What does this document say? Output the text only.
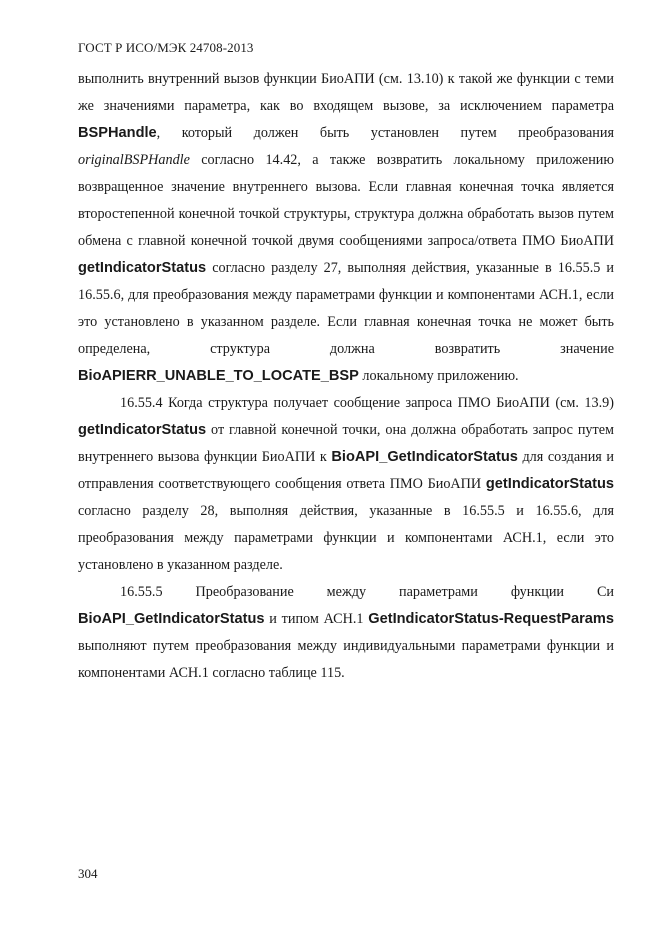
ГОСТ Р ИСО/МЭК 24708-2013

выполнить внутренний вызов функции БиоАПИ (см. 13.10) к такой же функции с теми же значениями параметра, как во входящем вызове, за исключением параметра BSPHandle, который должен быть установлен путем преобразования originalBSPHandle согласно 14.42, а также возвратить локальному приложению возвращенное значение внутреннего вызова. Если главная конечная точка является второстепенной конечной точкой структуры, структура должна обработать вызов путем обмена с главной конечной точкой двумя сообщениями запроса/ответа ПМО БиоАПИ getIndicatorStatus согласно разделу 27, выполняя действия, указанные в 16.55.5 и 16.55.6, для преобразования между параметрами функции и компонентами АСН.1, если это установлено в указанном разделе. Если главная конечная точка не может быть определена, структура должна возвратить значение BioAPIERR_UNABLE_TO_LOCATE_BSP локальному приложению.

16.55.4 Когда структура получает сообщение запроса ПМО БиоАПИ (см. 13.9) getIndicatorStatus от главной конечной точки, она должна обработать запрос путем внутреннего вызова функции БиоАПИ к BioAPI_GetIndicatorStatus для создания и отправления соответствующего сообщения ответа ПМО БиоАПИ getIndicatorStatus согласно разделу 28, выполняя действия, указанные в 16.55.5 и 16.55.6, для преобразования между параметрами функции и компонентами АСН.1, если это установлено в указанном разделе.

16.55.5 Преобразование между параметрами функции Си BioAPI_GetIndicatorStatus и типом АСН.1 GetIndicatorStatus-RequestParams выполняют путем преобразования между индивидуальными параметрами функции и компонентами АСН.1 согласно таблице 115.

304
